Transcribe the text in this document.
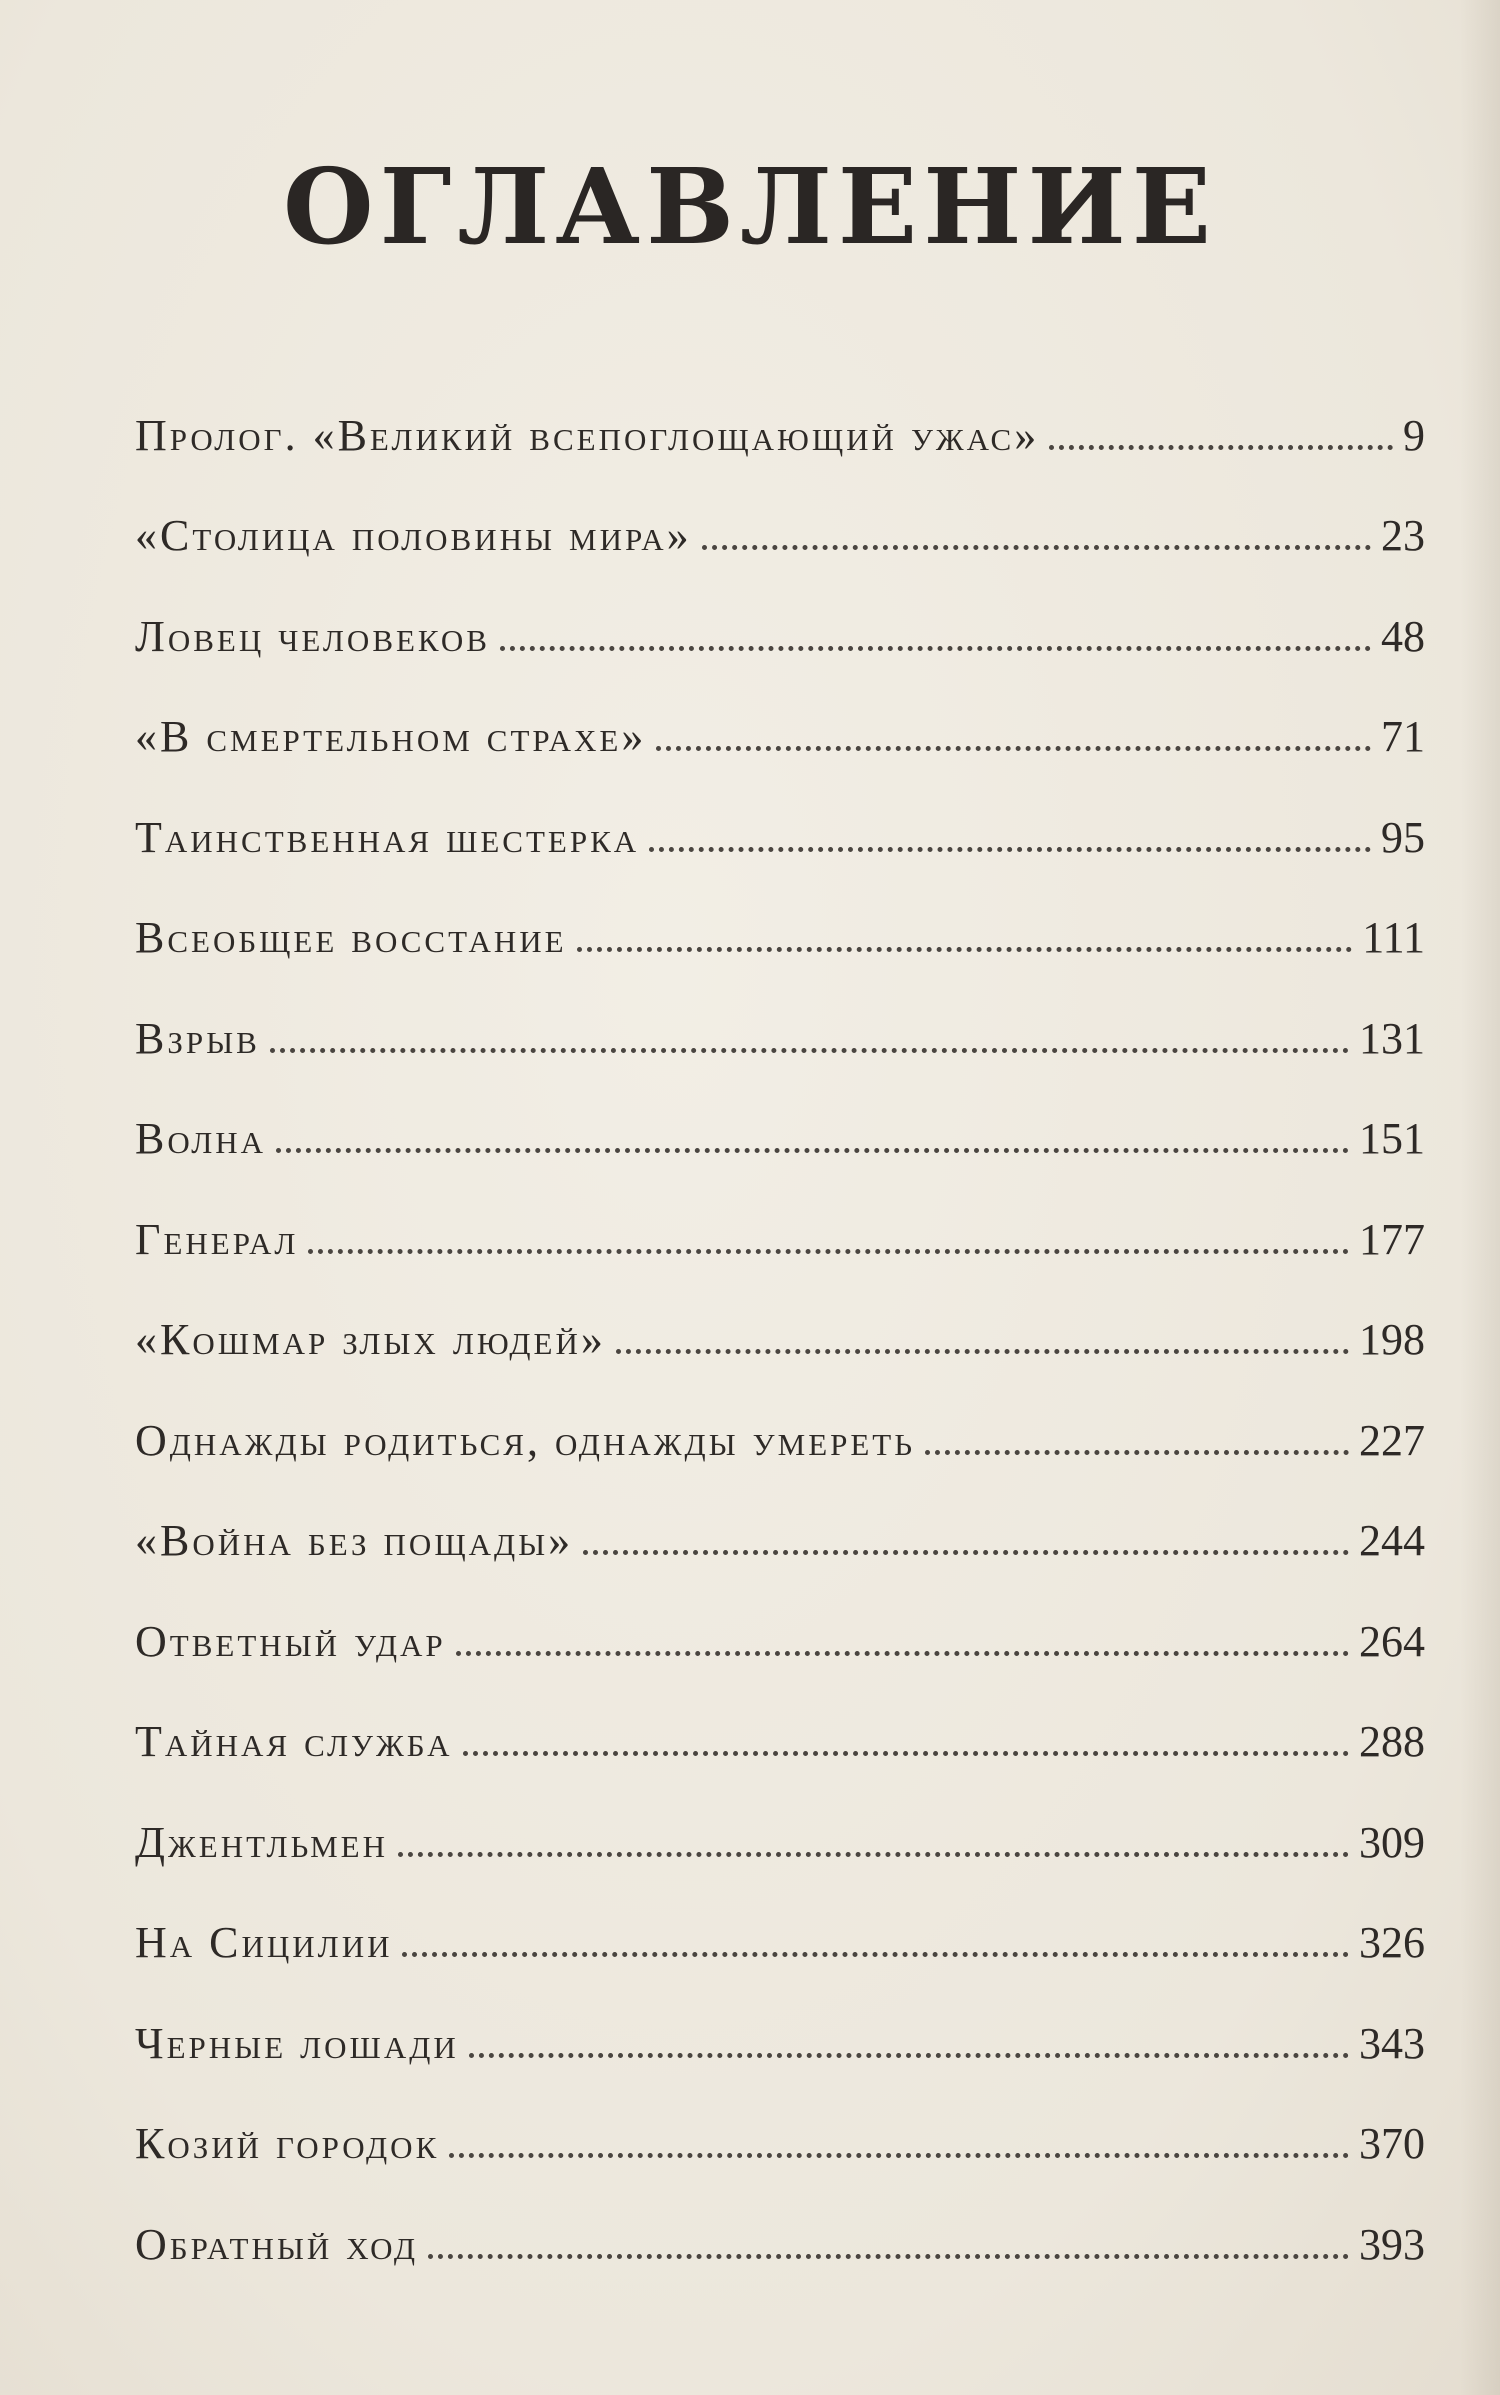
ОГЛАВЛЕНИЕ
Пролог. «Великий всепоглощающий ужас»	9
«Столица половины мира»	23
Ловец человеков	48
«В смертельном страхе»	71
Таинственная шестерка	95
Всеобщее восстание	111
Взрыв	131
Волна	151
Генерал	177
«Кошмар злых людей»	198
Однажды родиться, однажды умереть	227
«Война без пощады»	244
Ответный удар	264
Тайная служба	288
Джентльмен	309
На Сицилии	326
Черные лошади	343
Козий городок	370
Обратный ход	393
